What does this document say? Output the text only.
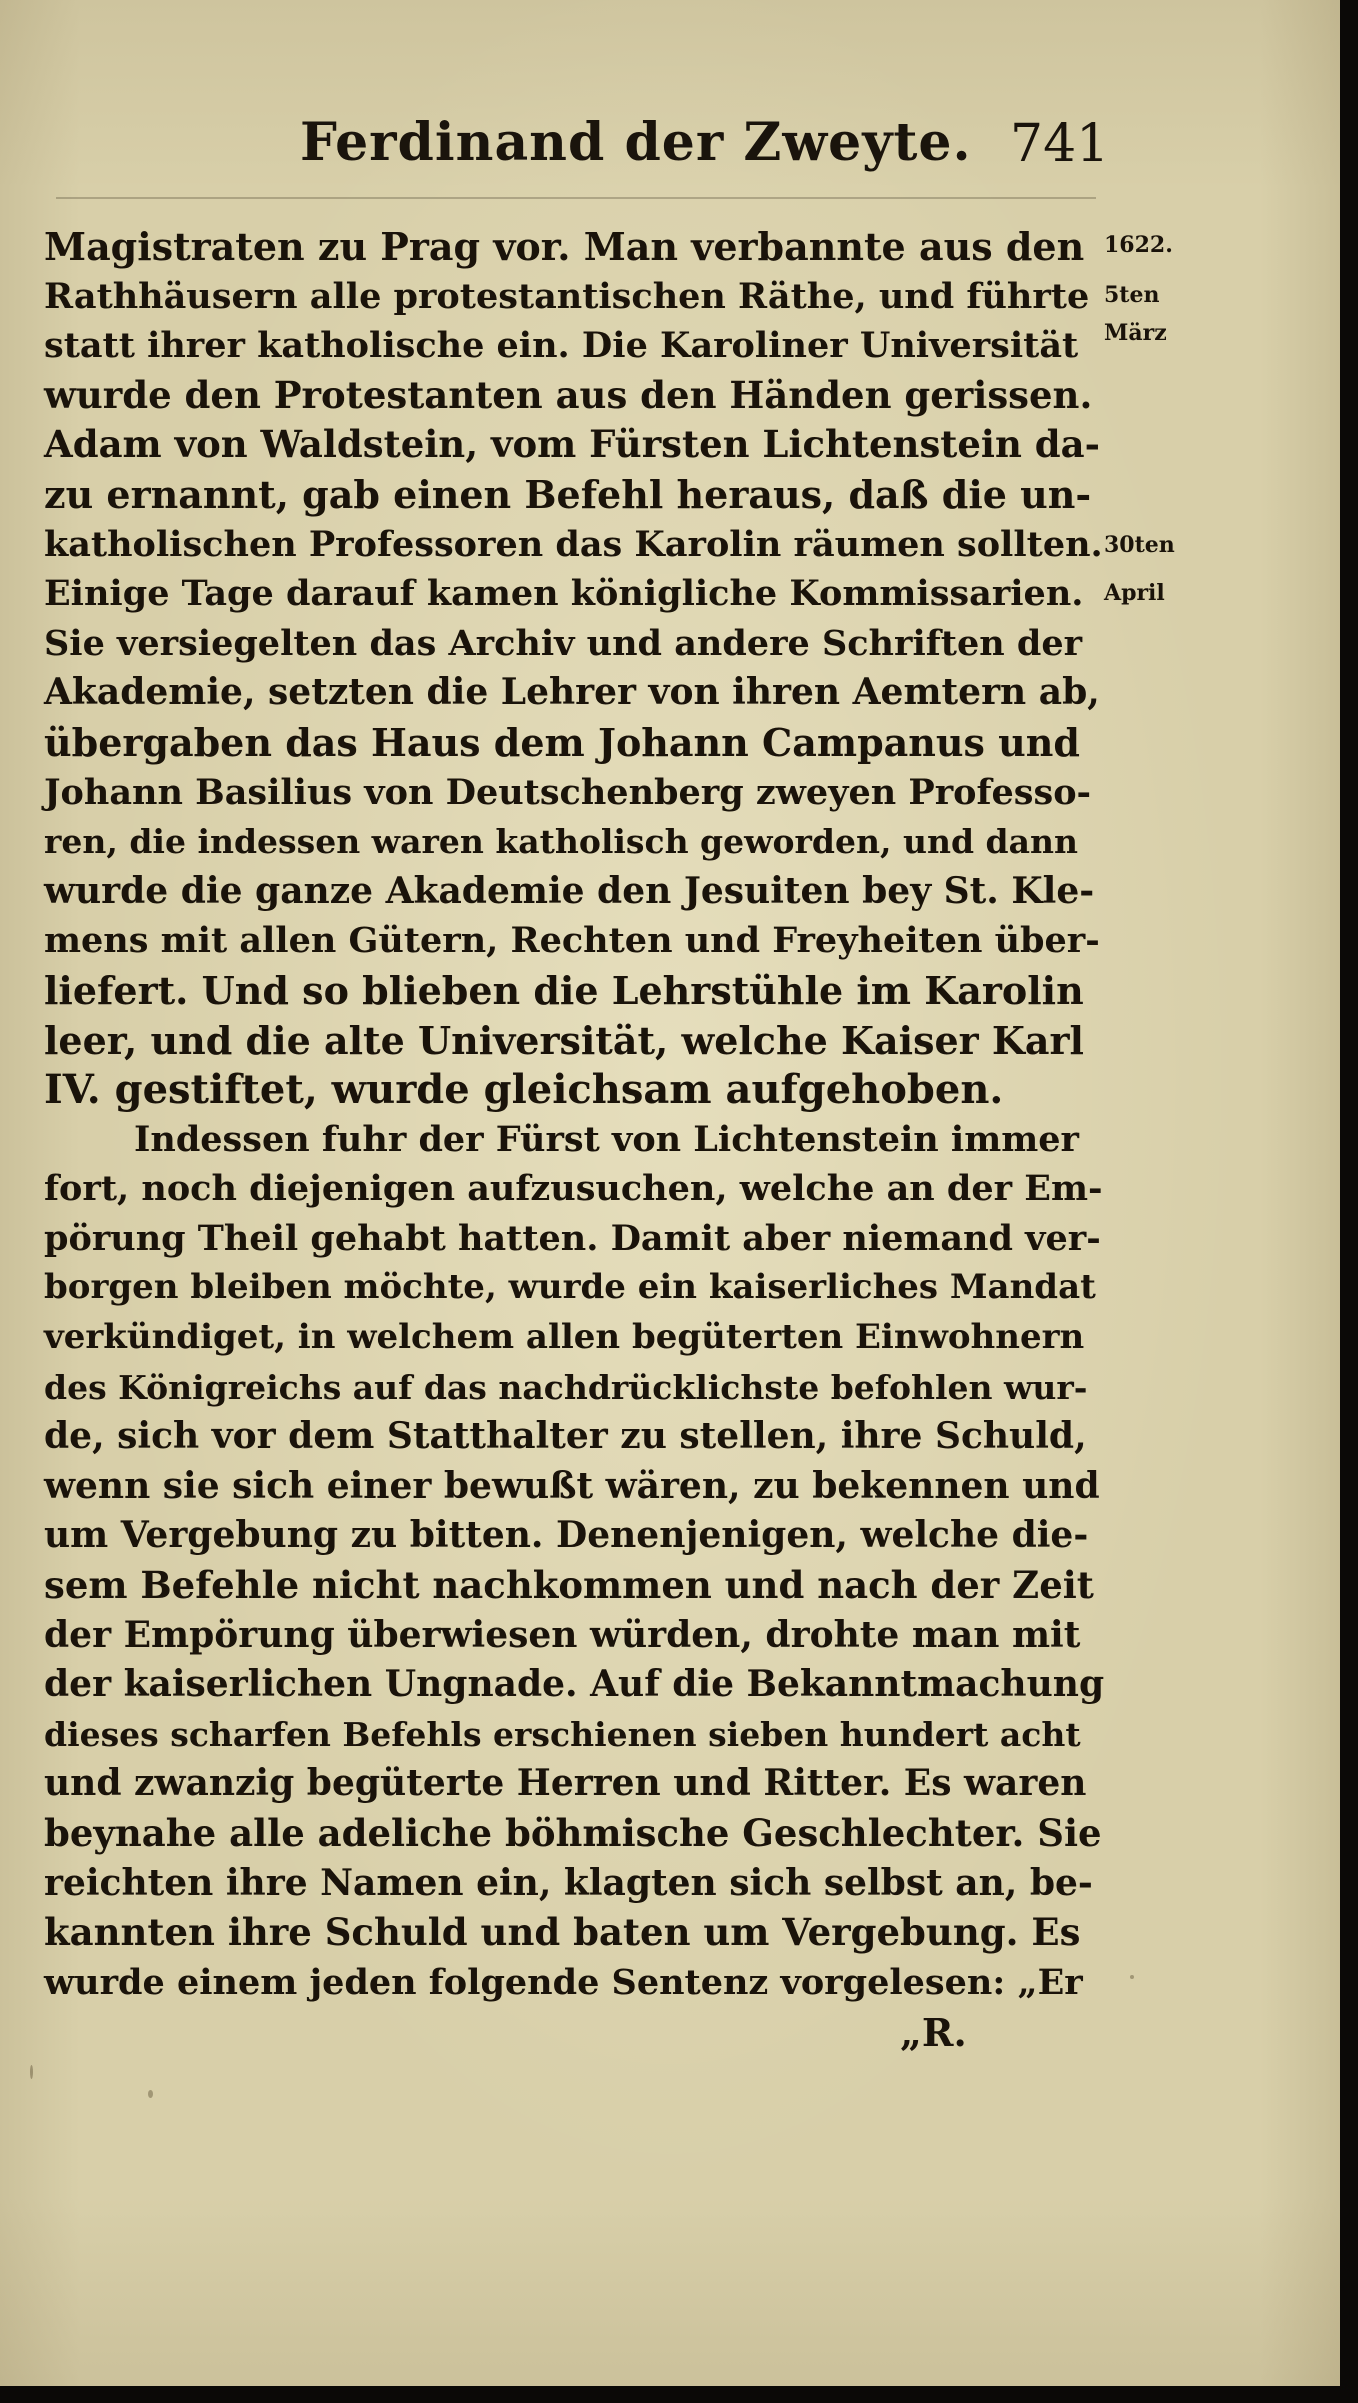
Ferdinand der Zweyte. 741
Magistraten zu Prag vor. Man verbannte aus den
Rathhäusern alle protestantischen Räthe, und führte
statt ihrer katholische ein. Die Karoliner Universität
wurde den Protestanten aus den Händen gerissen.
Adam von Waldstein, vom Fürsten Lichtenstein da-
zu ernannt, gab einen Befehl heraus, daß die un-
katholischen Professoren das Karolin räumen sollten.
Einige Tage darauf kamen königliche Kommissarien.
Sie versiegelten das Archiv und andere Schriften der
Akademie, setzten die Lehrer von ihren Aemtern ab,
übergaben das Haus dem Johann Campanus und
Johann Basilius von Deutschenberg zweyen Professo-
ren, die indessen waren katholisch geworden, und dann
wurde die ganze Akademie den Jesuiten bey St. Kle-
mens mit allen Gütern, Rechten und Freyheiten über-
liefert. Und so blieben die Lehrstühle im Karolin
leer, und die alte Universität, welche Kaiser Karl
IV. gestiftet, wurde gleichsam aufgehoben.
Indessen fuhr der Fürst von Lichtenstein immer
fort, noch diejenigen aufzusuchen, welche an der Em-
pörung Theil gehabt hatten. Damit aber niemand ver-
borgen bleiben möchte, wurde ein kaiserliches Mandat
verkündiget, in welchem allen begüterten Einwohnern
des Königreichs auf das nachdrücklichste befohlen wur-
de, sich vor dem Statthalter zu stellen, ihre Schuld,
wenn sie sich einer bewußt wären, zu bekennen und
um Vergebung zu bitten. Denenjenigen, welche die-
sem Befehle nicht nachkommen und nach der Zeit
der Empörung überwiesen würden, drohte man mit
der kaiserlichen Ungnade. Auf die Bekanntmachung
dieses scharfen Befehls erschienen sieben hundert acht
und zwanzig begüterte Herren und Ritter. Es waren
beynahe alle adeliche böhmische Geschlechter. Sie
reichten ihre Namen ein, klagten sich selbst an, be-
kannten ihre Schuld und baten um Vergebung. Es
wurde einem jeden folgende Sentenz vorgelesen: „Er
1622.
5ten
März
30ten
April
„R.
